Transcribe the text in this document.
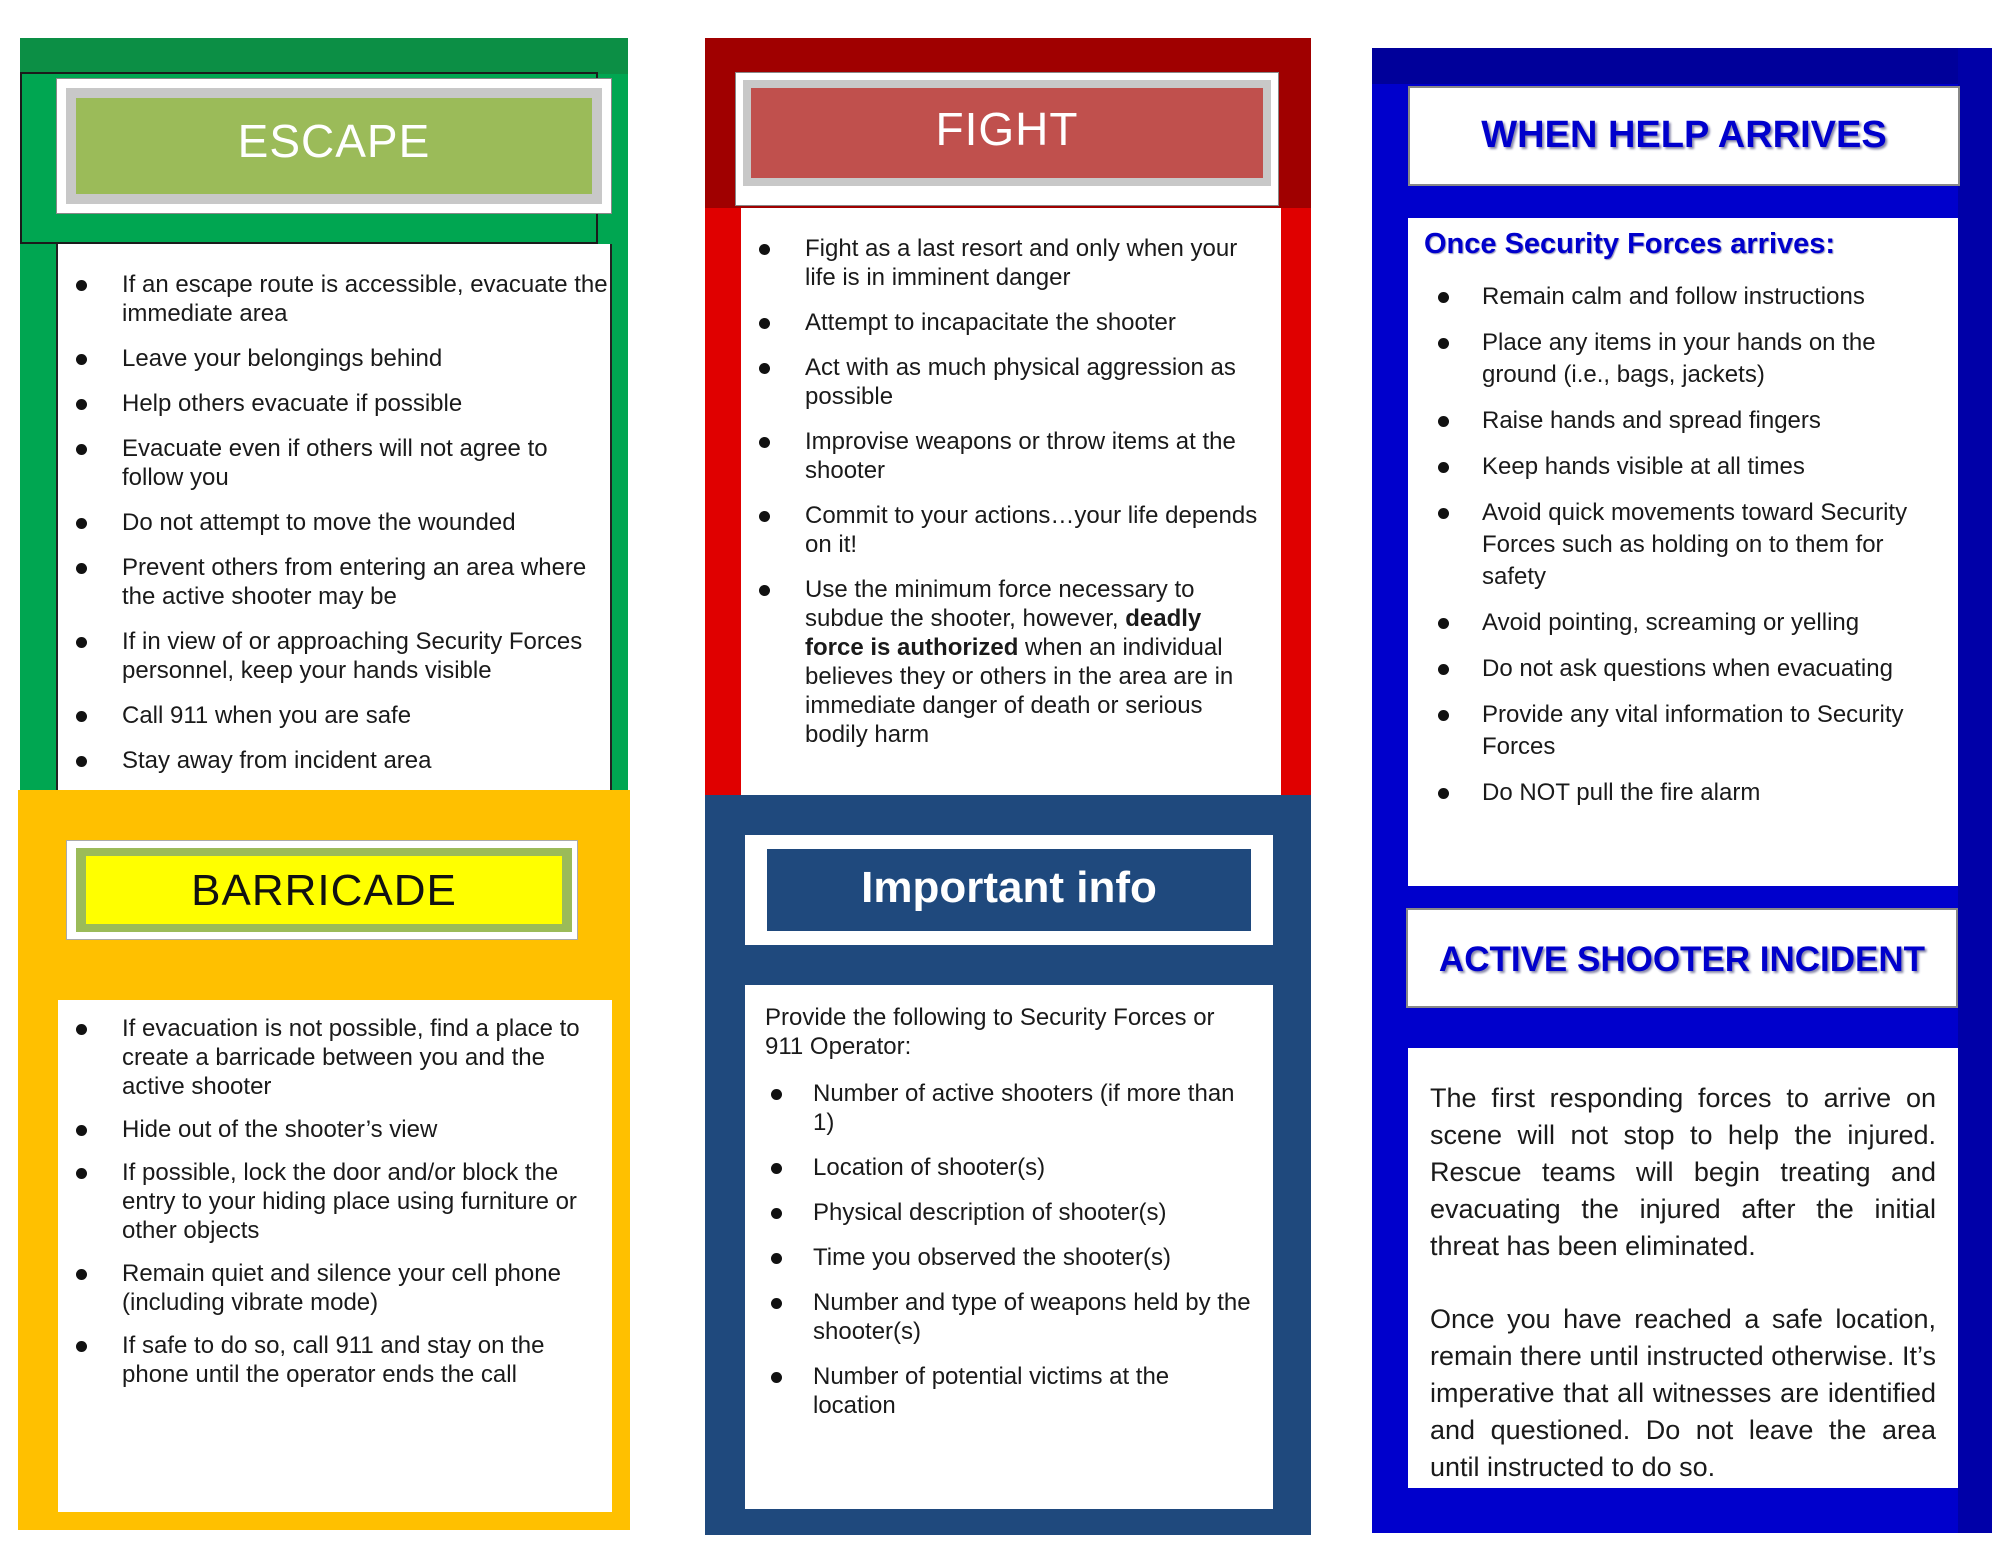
ESCAPE
If an escape route is accessible, evacuate the immediate area
Leave your belongings behind
Help others evacuate if possible
Evacuate even if others will not agree to follow you
Do not attempt to move the wounded
Prevent others from entering an area where the active shooter may be
If in view of or approaching Security Forces personnel, keep your hands visible
Call 911 when you are safe
Stay away from incident area
BARRICADE
If evacuation is not possible, find a place to create a barricade between you and the active shooter
Hide out of the shooter’s view
If possible, lock the door and/or block the entry to your hiding place using furniture or other objects
Remain quiet and silence your cell phone (including vibrate mode)
If safe to do so, call 911 and stay on the phone until the operator ends the call
FIGHT
Fight as a last resort and only when your life is in imminent danger
Attempt to incapacitate the shooter
Act with as much physical aggression as possible
Improvise weapons or throw items at the shooter
Commit to your actions…your life depends on it!
Use the minimum force necessary to subdue the shooter, however, deadly force is authorized when an individual believes they or others in the area are in immediate danger of death or serious bodily harm
Important info
Provide the following to Security Forces or 911 Operator:
Number of active shooters (if more than 1)
Location of shooter(s)
Physical description of shooter(s)
Time you observed the shooter(s)
Number and type of weapons held by the shooter(s)
Number of potential victims at the location
WHEN HELP ARRIVES
Once Security Forces arrives:
Remain calm and follow instructions
Place any items in your hands on the ground (i.e., bags, jackets)
Raise hands and spread fingers
Keep hands visible at all times
Avoid quick movements toward Security Forces such as holding on to them for safety
Avoid pointing, screaming or yelling
Do not ask questions when evacuating
Provide any vital information to Security Forces
Do NOT pull the fire alarm
ACTIVE SHOOTER INCIDENT

The first responding forces to arrive on scene will not stop to help the injured. Rescue teams will begin treating and evacuating the injured after the initial threat has been eliminated.

Once you have reached a safe location, remain there until instructed otherwise. It’s imperative that all witnesses are identified and questioned. Do not leave the area until instructed to do so.
